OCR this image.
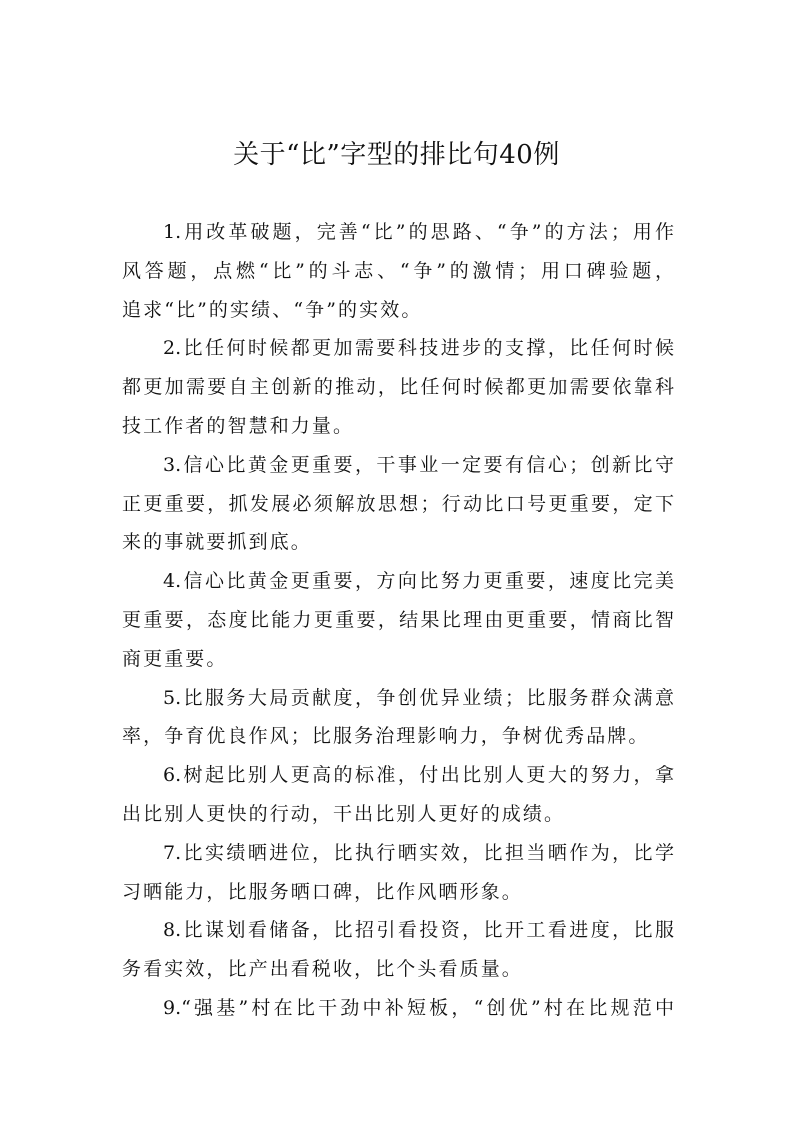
关于“比”字型的排比句40例
1.用改革破题，完善“比”的思路、“争”的方法；用作
风答题，点燃“比”的斗志、“争”的激情；用口碑验题，
追求“比”的实绩、“争”的实效。
2.比任何时候都更加需要科技进步的支撑，比任何时候
都更加需要自主创新的推动，比任何时候都更加需要依靠科
技工作者的智慧和力量。
3.信心比黄金更重要，干事业一定要有信心；创新比守
正更重要，抓发展必须解放思想；行动比口号更重要，定下
来的事就要抓到底。
4.信心比黄金更重要，方向比努力更重要，速度比完美
更重要，态度比能力更重要，结果比理由更重要，情商比智
商更重要。
5.比服务大局贡献度，争创优异业绩；比服务群众满意
率，争育优良作风；比服务治理影响力，争树优秀品牌。
6.树起比别人更高的标准，付出比别人更大的努力，拿
出比别人更快的行动，干出比别人更好的成绩。
7.比实绩晒进位，比执行晒实效，比担当晒作为，比学
习晒能力，比服务晒口碑，比作风晒形象。
8.比谋划看储备，比招引看投资，比开工看进度，比服
务看实效，比产出看税收，比个头看质量。
9.“强基”村在比干劲中补短板，“创优”村在比规范中
